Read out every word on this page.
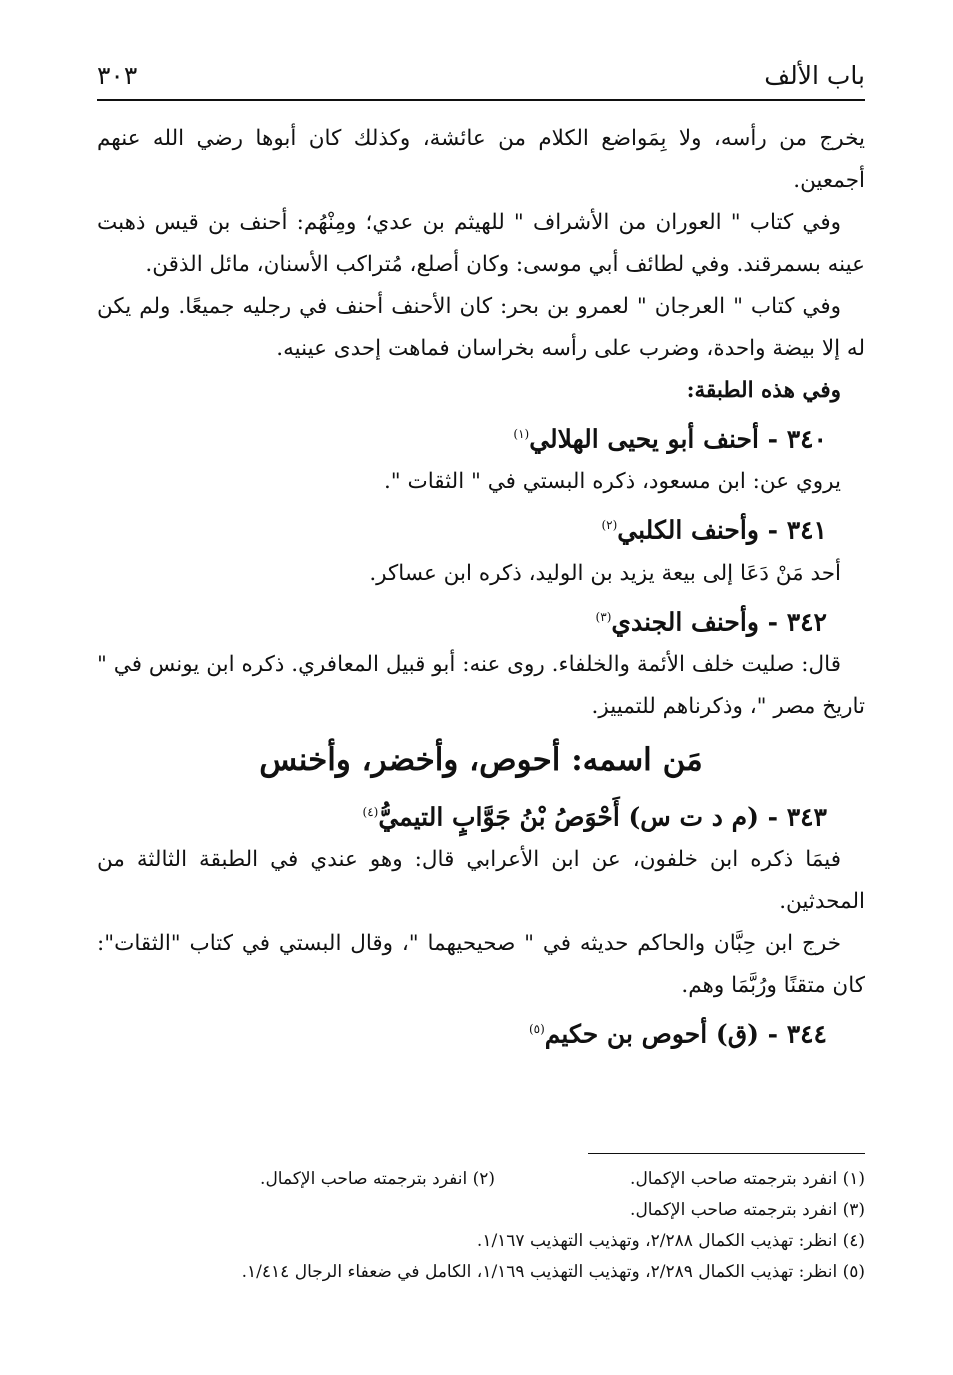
باب الألف
٣٠٣

يخرج من رأسه، ولا بِمَواضع الكلام من عائشة، وكذلك كان أبوها رضي الله عنهم أجمعين.

وفي كتاب " العوران من الأشراف " للهيثم بن عدي؛ ومِنْهُم: أحنف بن قيس ذهبت عينه بسمرقند. وفي لطائف أبي موسى: وكان أصلع، مُتراكب الأسنان، مائل الذقن.

وفي كتاب " العرجان " لعمرو بن بحر: كان الأحنف أحنف في رجليه جميعًا. ولم يكن له إلا بيضة واحدة، وضرب على رأسه بخراسان فماهت إحدى عينيه.

وفي هذه الطبقة:

٣٤٠ - أحنف أبو يحيى الهلالي$^{(١)}$

يروي عن: ابن مسعود، ذكره البستي في " الثقات ".

٣٤١ - وأحنف الكلبي$^{(٢)}$

أحد مَنْ دَعَا إلى بيعة يزيد بن الوليد، ذكره ابن عساكر.

٣٤٢ - وأحنف الجندي$^{(٣)}$

قال: صليت خلف الأئمة والخلفاء. روى عنه: أبو قبيل المعافري. ذكره ابن يونس في " تاريخ مصر "، وذكرناهم للتمييز.

مَن اسمه: أحوص، وأخضر، وأخنس
٣٤٣ - (م د ت س) أَحْوَصُ بْنُ جَوَّابٍ التيميُّ$^{(٤)}$

فيمَا ذكره ابن خلفون، عن ابن الأعرابي قال: وهو عندي في الطبقة الثالثة من المحدثين.

خرج ابن حِبَّان والحاكم حديثه في " صحيحيهما "، وقال البستي في كتاب "الثقات": كان متقنًا ورُبَّمَا وهم.

٣٤٤ - (ق) أحوص بن حكيم$^{(٥)}$
(١) انفرد بترجمته صاحب الإكمال.(٢) انفرد بترجمته صاحب الإكمال.
(٣) انفرد بترجمته صاحب الإكمال.
(٤) انظر: تهذيب الكمال ٢/٢٨٨، وتهذيب التهذيب ١/١٦٧.
(٥) انظر: تهذيب الكمال ٢/٢٨٩، وتهذيب التهذيب ١/١٦٩، الكامل في ضعفاء الرجال ١/٤١٤.
